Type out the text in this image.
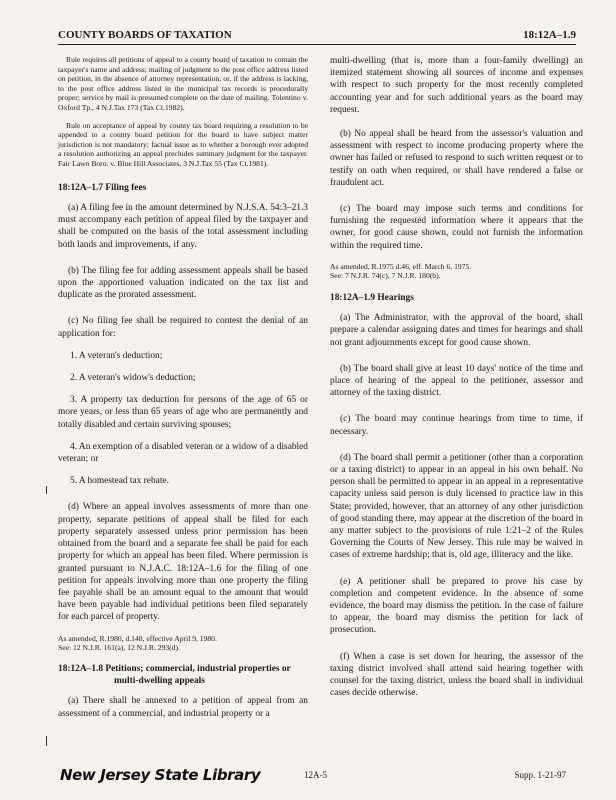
COUNTY BOARDS OF TAXATION	18:12A–1.9

Rule requires all petitions of appeal to a county board of taxation to contain the taxpayer's name and address; mailing of judgment to the post office address listed on petition, in the absence of attorney representation, or, if the address is lacking, to the post office address listed in the municipal tax records is procedurally proper; service by mail is presumed complete on the date of mailing. Tolentino v. Oxford Tp., 4 N.J.Tax 173 (Tax Ct.1982).

Rule on acceptance of appeal by county tax board requiring a resolution to be appended to a county board petition for the board to have subject matter jurisdiction is not mandatory; factual issue as to whether a borough ever adopted a resolution authorizing an appeal precludes summary judgment for the taxpayer. Fair Lawn Boro. v. Blue Hill Associates, 3 N.J.Tax 55 (Tax Ct.1981).

18:12A–1.7 Filing fees

(a) A filing fee in the amount determined by N.J.S.A. 54:3–21.3 must accompany each petition of appeal filed by the taxpayer and shall be computed on the basis of the total assessment including both lands and improvements, if any.

(b) The filing fee for adding assessment appeals shall be based upon the apportioned valuation indicated on the tax list and duplicate as the prorated assessment.

(c) No filing fee shall be required to contest the denial of an application for:

1. A veteran's deduction;

2. A veteran's widow's deduction;

3. A property tax deduction for persons of the age of 65 or more years, or less than 65 years of age who are permanently and totally disabled and certain surviving spouses;

4. An exemption of a disabled veteran or a widow of a disabled veteran; or

5. A homestead tax rebate.

(d) Where an appeal involves assessments of more than one property, separate petitions of appeal shall be filed for each property separately assessed unless prior permission has been obtained from the board and a separate fee shall be paid for each property for which an appeal has been filed. Where permission is granted pursuant to N.J.A.C. 18:12A–1.6 for the filing of one petition for appeals involving more than one property the filing fee payable shall be an amount equal to the amount that would have been payable had individual petitions been filed separately for each parcel of property.

As amended, R.1980, d.148, effective April 9, 1980.
See: 12 N.J.R. 161(a), 12 N.J.R. 293(d).

18:12A–1.8 Petitions; commercial, industrial properties or multi-dwelling appeals

(a) There shall be annexed to a petition of appeal from an assessment of a commercial, and industrial property or a

multi-dwelling (that is, more than a four-family dwelling) an itemized statement showing all sources of income and expenses with respect to such property for the most recently completed accounting year and for such additional years as the board may request.

(b) No appeal shall be heard from the assessor's valuation and assessment with respect to income producing property where the owner has failed or refused to respond to such written request or to testify on oath when required, or shall have rendered a false or fraudulent act.

(c) The board may impose such terms and conditions for furnishing the requested information where it appears that the owner, for good cause shown, could not furnish the information within the required time.

As amended, R.1975 d.46, eff. March 6, 1975.
See: 7 N.J.R. 74(c), 7 N.J.R. 180(b).

18:12A–1.9 Hearings

(a) The Administrator, with the approval of the board, shall prepare a calendar assigning dates and times for hearings and shall not grant adjournments except for good cause shown.

(b) The board shall give at least 10 days' notice of the time and place of hearing of the appeal to the petitioner, assessor and attorney of the taxing district.

(c) The board may continue hearings from time to time, if necessary.

(d) The board shall permit a petitioner (other than a corporation or a taxing district) to appear in an appeal in his own behalf. No person shall be permitted to appear in an appeal in a representative capacity unless said person is duly licensed to practice law in this State; provided, however, that an attorney of any other jurisdiction of good standing there, may appear at the discretion of the board in any matter subject to the provisions of rule 1:21–2 of the Rules Governing the Courts of New Jersey. This rule may be waived in cases of extreme hardship; that is, old age, illiteracy and the like.

(e) A petitioner shall be prepared to prove his case by completion and competent evidence. In the absence of some evidence, the board may dismiss the petition. In the case of failure to appear, the board may dismiss the petition for lack of prosecution.

(f) When a case is set down for hearing, the assessor of the taxing district involved shall attend said hearing together with counsel for the taxing district, unless the board shall in individual cases decide otherwise.

New Jersey State Library	12A-5	Supp. 1-21-97
